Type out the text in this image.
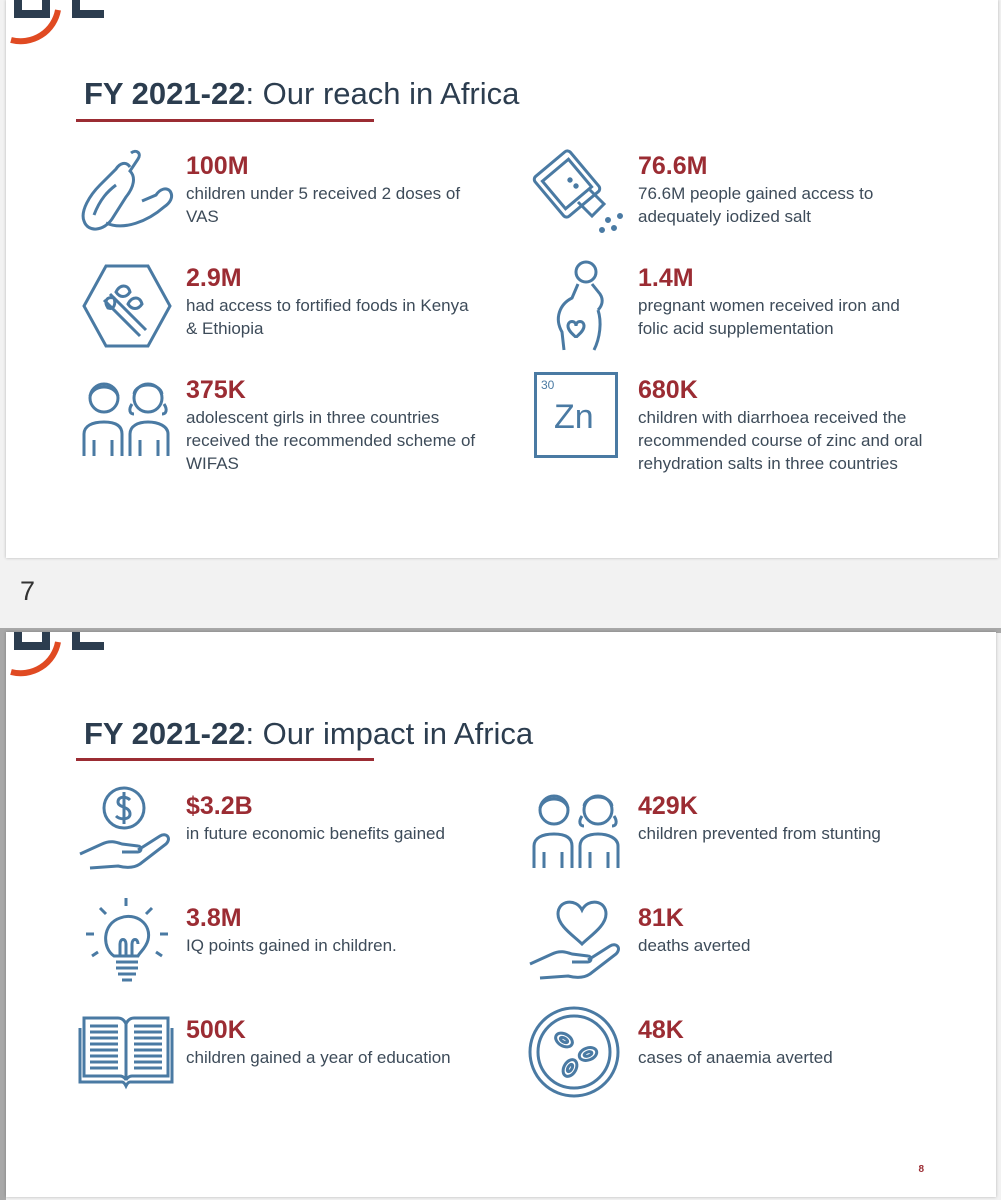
FY 2021-22: Our reach in Africa
100M
children under 5 received 2 doses of VAS
76.6M
76.6M people gained access to adequately iodized salt
2.9M
had access to fortified foods in Kenya & Ethiopia
1.4M
pregnant women received iron and folic acid supplementation
375K
adolescent girls in three countries received the recommended scheme of WIFAS
30
Zn
680K
children with diarrhoea received the recommended course of zinc and oral rehydration salts in three countries
7
FY 2021-22: Our impact in Africa
$3.2B
in future economic benefits gained
429K
children prevented from stunting
3.8M
IQ points gained in children.
81K
deaths averted
500K
children gained a year of education
48K
cases of anaemia averted
8
